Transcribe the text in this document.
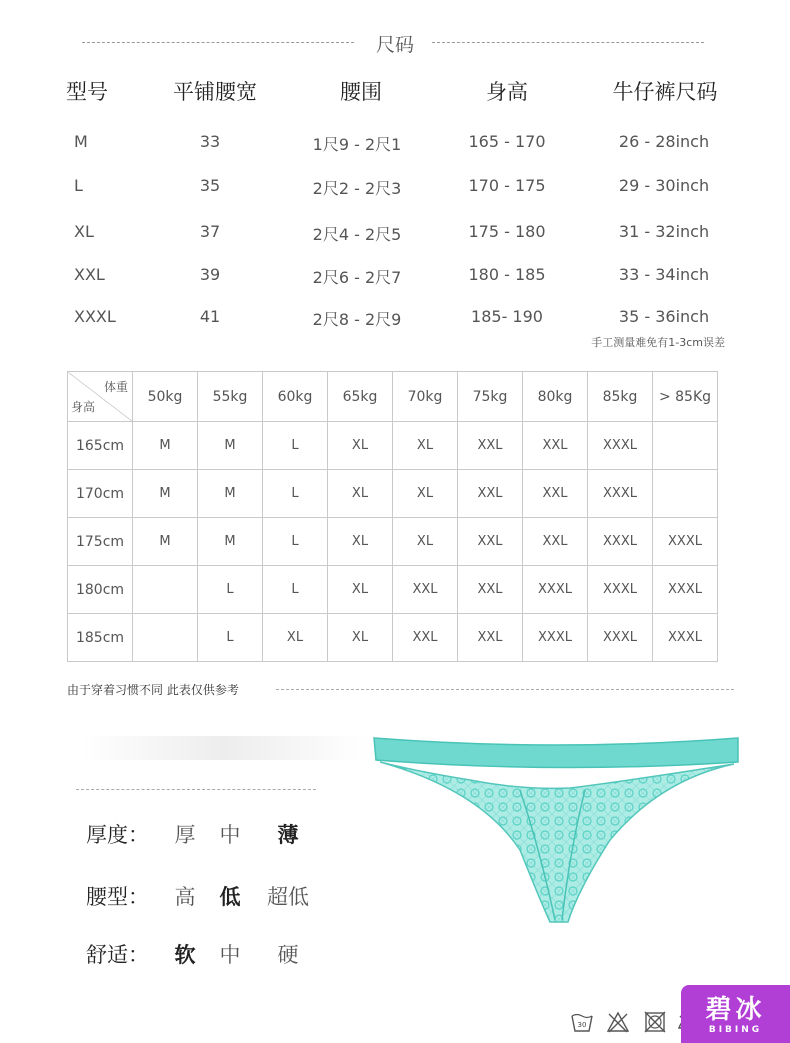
尺码
型号	平铺腰宽	腰围	身高	牛仔裤尺码
M	33	1尺9 - 2尺1	165 - 170	26 - 28inch
L	35	2尺2 - 2尺3	170 - 175	29 - 30inch
XL	37	2尺4 - 2尺5	175 - 180	31 - 32inch
XXL	39	2尺6 - 2尺7	180 - 185	33 - 34inch
XXXL	41	2尺8 - 2尺9	185- 190	35 - 36inch
手工测量难免有1-3cm误差
体重
身高	50kg	55kg	60kg	65kg	70kg	75kg	80kg	85kg	> 85Kg
165cm	M	M	L	XL	XL	XXL	XXL	XXXL	
170cm	M	M	L	XL	XL	XXL	XXL	XXXL	
175cm	M	M	L	XL	XL	XXL	XXL	XXXL	XXXL
180cm		L	L	XL	XXL	XXL	XXXL	XXXL	XXXL
185cm		L	XL	XL	XXL	XXL	XXXL	XXXL	XXXL
由于穿着习惯不同 此表仅供参考
厚度：	厚	中	薄
腰型：	高	低	超低
舒适：	软	中	硬
30	碧冰
BIBING
